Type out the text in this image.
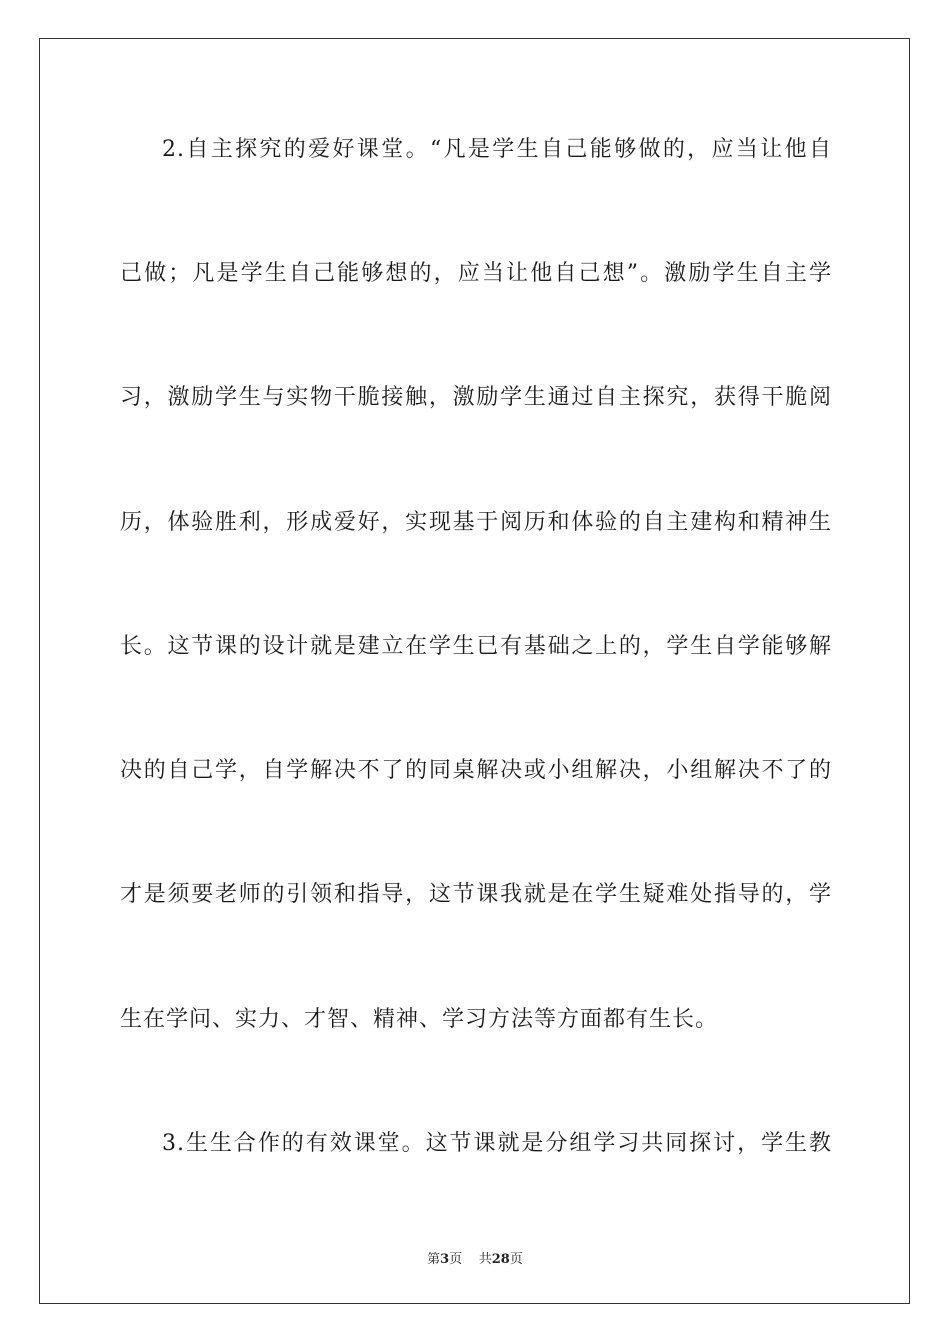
2.自主探究的爱好课堂。“凡是学生自己能够做的，应当让他自
己做；凡是学生自己能够想的，应当让他自己想”。激励学生自主学
习，激励学生与实物干脆接触，激励学生通过自主探究，获得干脆阅
历，体验胜利，形成爱好，实现基于阅历和体验的自主建构和精神生
长。这节课的设计就是建立在学生已有基础之上的，学生自学能够解
决的自己学，自学解决不了的同桌解决或小组解决，小组解决不了的
才是须要老师的引领和指导，这节课我就是在学生疑难处指导的，学
生在学问、实力、才智、精神、学习方法等方面都有生长。
3.生生合作的有效课堂。这节课就是分组学习共同探讨，学生教
第3页 共28页
